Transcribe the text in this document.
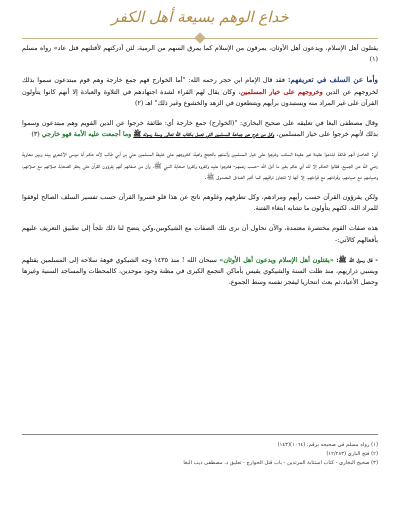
خداع الوهم بسيعة أهل الكفر

يقتلون أهل الإسلام، ويدعون أهل الأوثان، يمرقون من الإسلام كما يمرق السهم من الرمية، لئن أدركتهم لأقتلنهم قتل عاد» رواه مسلم (١)

وأما عن السلف في تعريفهم: فقد قال الإمام ابن حجر رحمه الله: "أما الخوارج فهم جمع خارجة وهم قوم مبتدعون سموا بذلك لخروجهم عن الدين وخروجهم على خيار المسلمين، وكان يقال لهم القراء لشدة اجتهادهم في التلاوة والعبادة إلا أنهم كانوا يتأولون القرآن على غير المراد منه ويستبدون برأيهم ويتنطعون في الزهد والخشوع وغير ذلك" اهـ (٢)

وقال مصطفى البغا في تعليقه على صحيح البخاري: "(الخوارج) جمع خارجة أي: طائفة خرجوا عن الدين القويم وهم مبتدعون وسموا بذلك لأنهم خرجوا على خيار المسلمين، وكل من خرج عن جماعة المسلمين التي تعمل بكتاب الله تعالى وسنة رسوله ﷺ وما أجمعت عليه الأمة فهو خارجي (٣)

أي: الحاصل أنهم طائفة ابتدعوا عقيدة غير عقيدة السلف، وخرجوا على خيار المسلمين وأئمتهم بالحجج واهية، كخروجهم على خليفة المسلمين علي بن أبي طالب لأنه حكم أبا موسى الأشعري بينه وبين معاوية رضي الله عن الجميع، فقالوا الحكم إلا لله أي حكم بغير ما أنزل الله -حسب زعمهم- فخرجوا عليه وكفروه وكفروا صحابة النبي ﷺ، وأن من صفاتهم أنهم يقرؤون القرآن حتى يحقر الصحابة صلاتهم مع صلاتهم، وصيامهم مع صيامهم، وقراءتهم مع قراءتهم، إلا أنها لا تتجاوز تراقيهم كما أخبر الصادق المصدوق ﷺ.

ولكن يقرؤون القرآن حسب رأيهم ومرادهم، وكل تطرفهم وغلوهم ناتج عن هذا فلو فسروا القرآن حسب تفسير السلف الصالح لوفقوا للمراد الله. لكنهم يتأولون ما تشابه ابتغاء الفتنة.

هذه صفات القوم مختصرة معتمدة، والآن نحاول أن نرى تلك الصفات مع الشيكوبين،وكي يتضح لنا ذلك تلجأ إلى تطبيق التعريف عليهم بأفعالهم كالآتي:-

- قال رسول الله ﷺ: «يقتلون أهل الإسلام ويدعون أهل الأوثان» سبحان الله ! منذ ١٤٣٥ وجه الشيكوي فوهة سلاحه إلى المسلمين يقتلهم ويسبي ذراريهم، منذ ظلت السنة والشيكوي يقيس بأماكن التجمع الكبرى في مظنة وجود موحدين، كالمحطات والمساجد السنية وغيرها وحصل الأعياد،ثم بعث انتحاريا ليفجر نفسه وسط الجموع.

(١) رواه مسلم في صحيحه برقم: (١٠٦٤)(١٤٣)

(٢) فتح الباري (١٢/٢٨٣)

(٣) صحيح البخاري - كتاب استتابة المرتدين - باب قتل الخوارج - تعليق د. مصطفى ديب البغا
